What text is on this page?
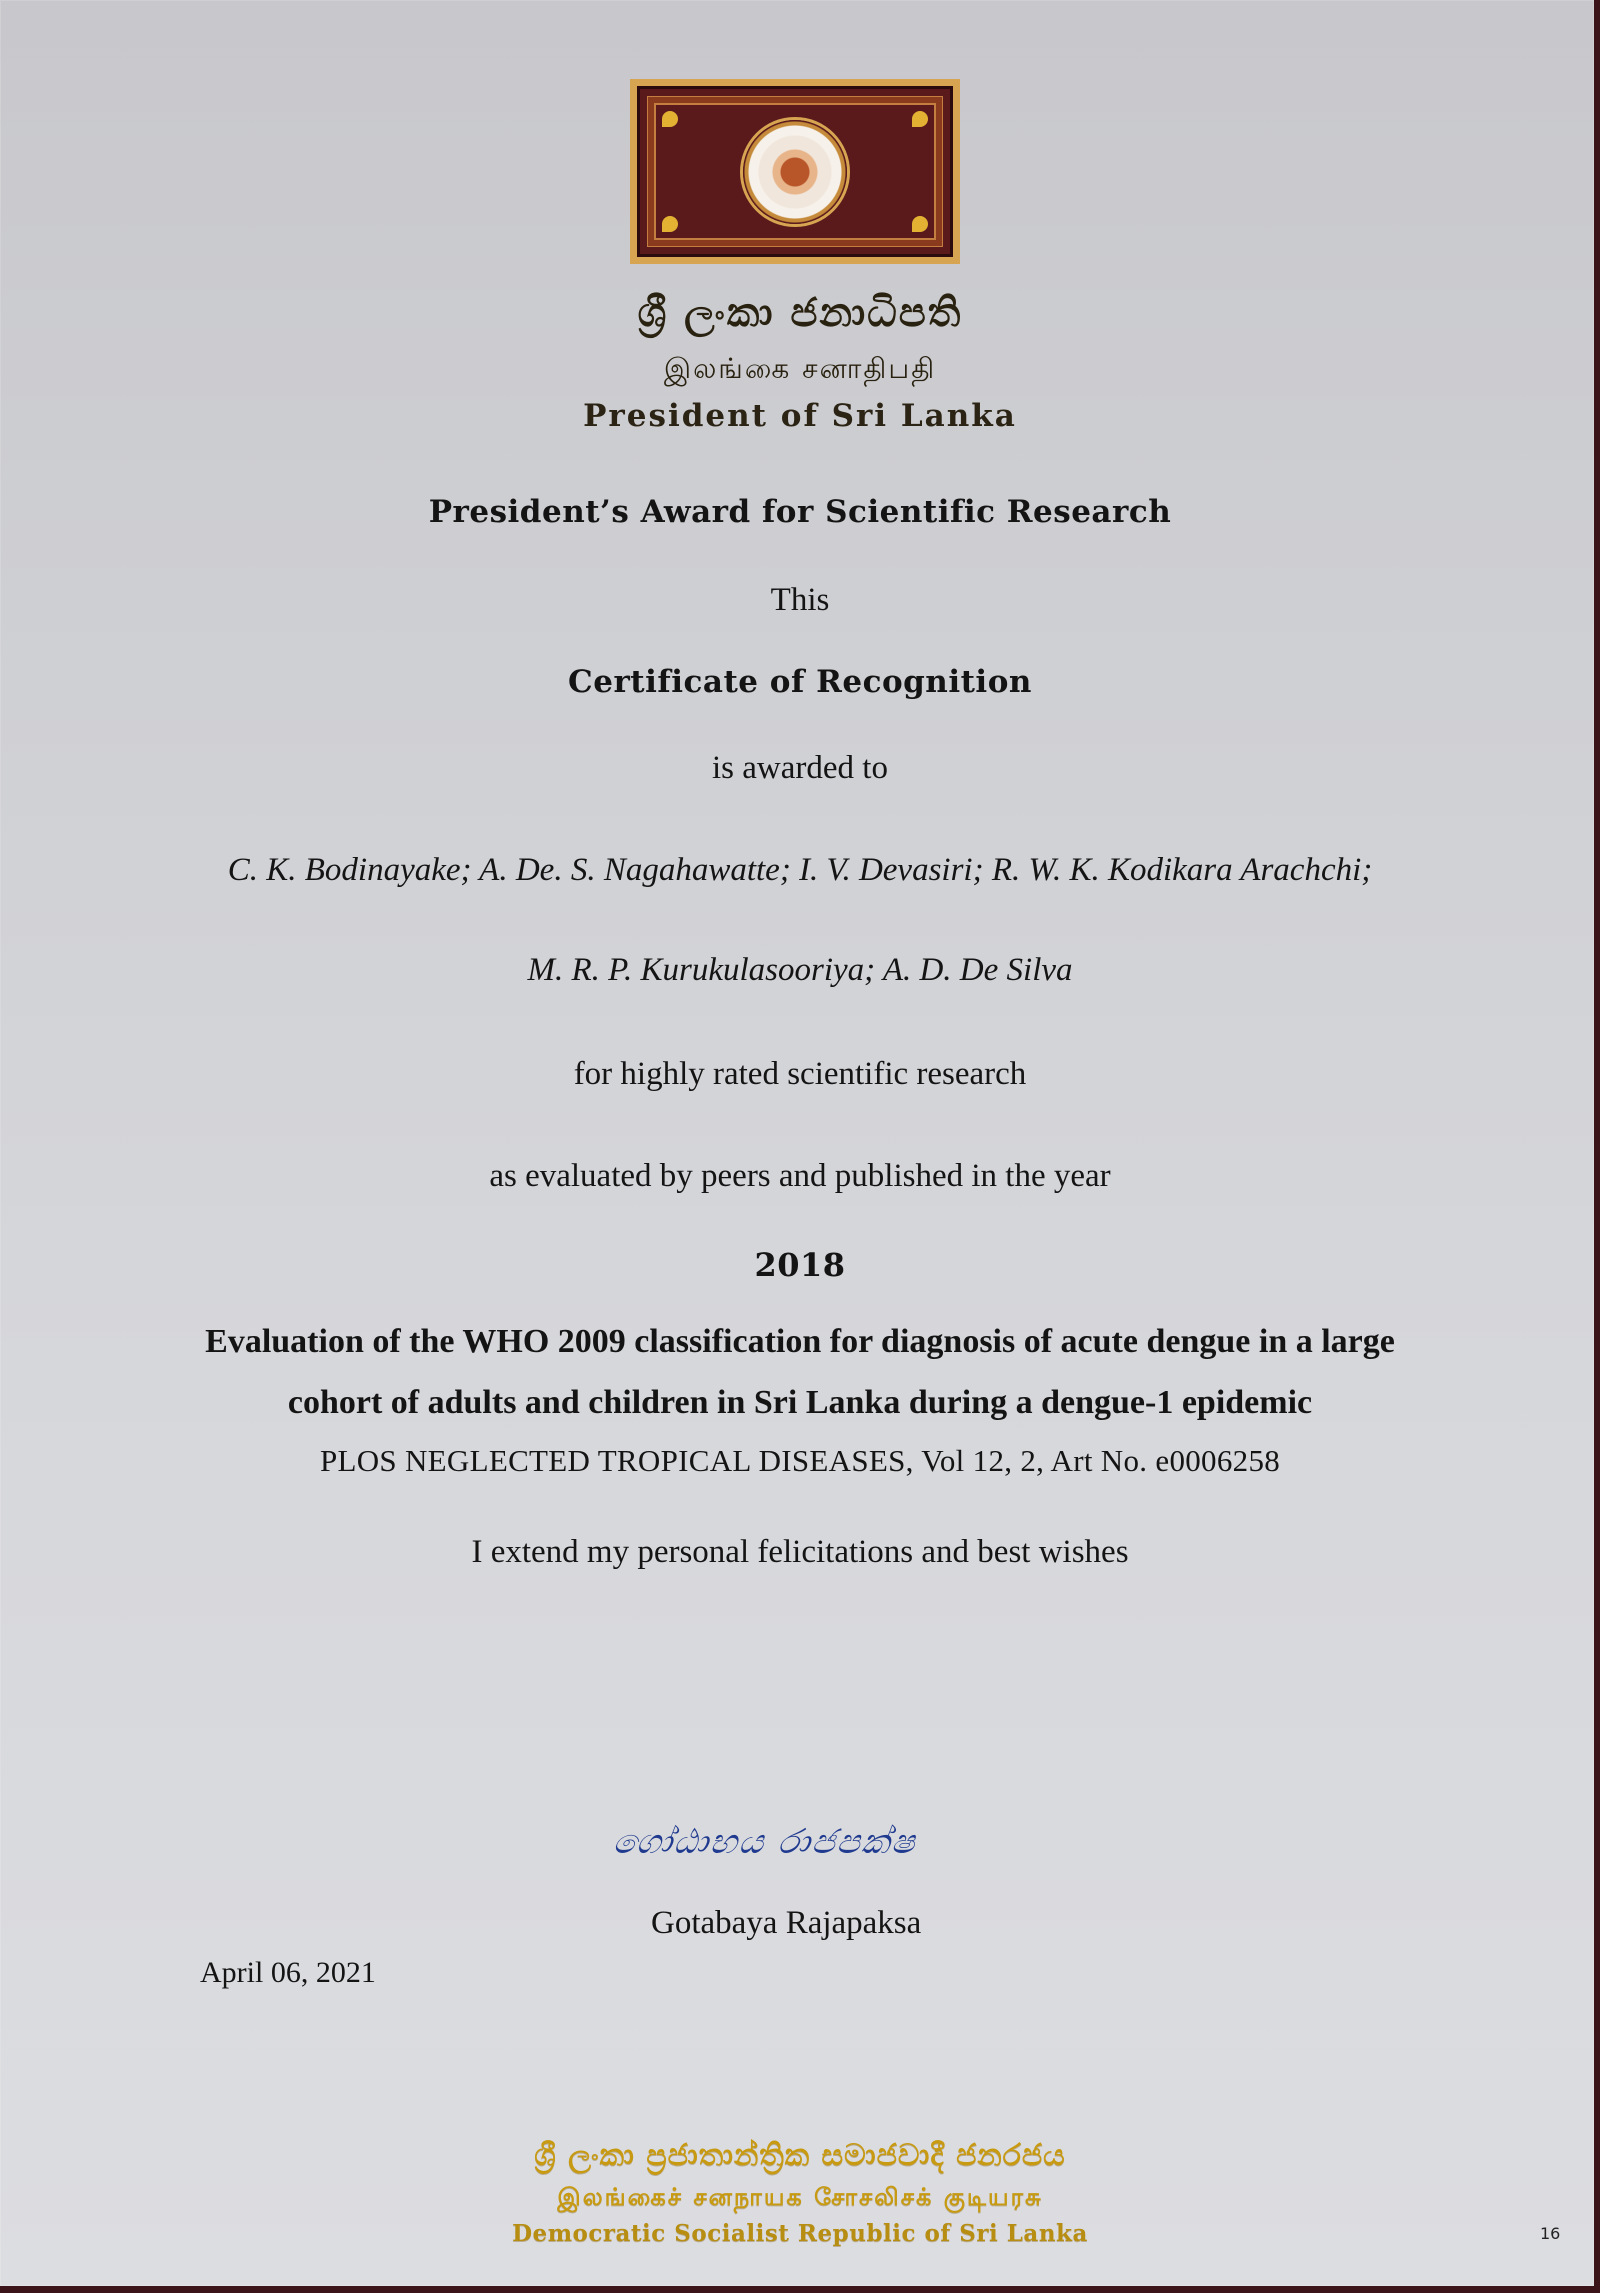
ශ්‍රී ලංකා ජනාධිපති
இலங்கை சனாதிபதி
President of Sri Lanka
President’s Award for Scientific Research
This
Certificate of Recognition
is awarded to
C. K. Bodinayake; A. De. S. Nagahawatte; I. V. Devasiri; R. W. K. Kodikara Arachchi;
M. R. P. Kurukulasooriya; A. D. De Silva
for highly rated scientific research
as evaluated by peers and published in the year
2018
Evaluation of the WHO 2009 classification for diagnosis of acute dengue in a large
cohort of adults and children in Sri Lanka during a dengue-1 epidemic
PLOS NEGLECTED TROPICAL DISEASES, Vol 12, 2, Art No. e0006258
I extend my personal felicitations and best wishes
ගෝඨාභය රාජපක්ෂ
Gotabaya Rajapaksa
April 06, 2021
ශ්‍රී ලංකා ප්‍රජාතාන්ත්‍රික සමාජවාදී ජනරජය
இலங்கைச் சனநாயக சோசலிசக் குடியரசு
Democratic Socialist Republic of Sri Lanka	16
